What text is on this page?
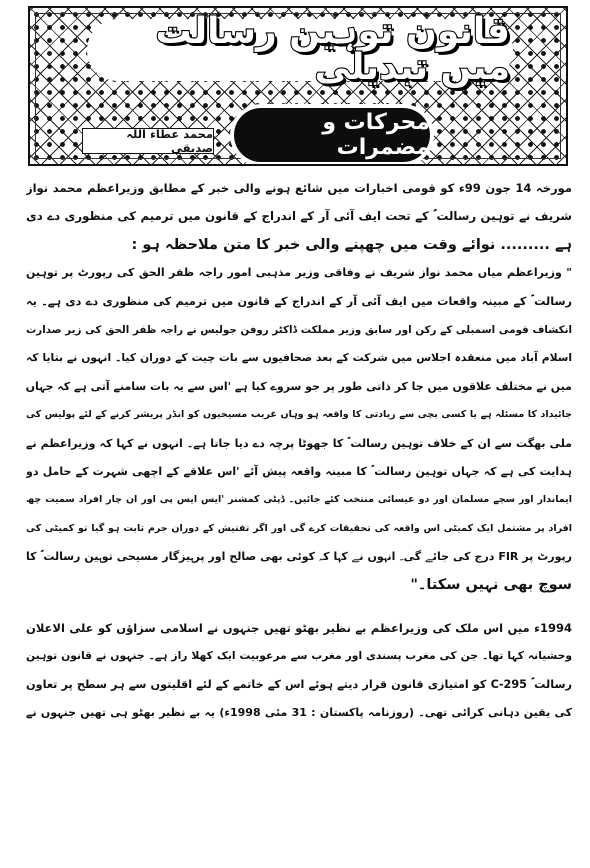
قانون توہین رسالت میں تبدیلی
محرکات و مضمرات
محمد عطاء اللہ صدیقی
مورخہ 14 جون 99ء کو قومی اخبارات میں شائع ہونے والی خبر کے مطابق وزیراعظم محمد نواز
شریف نے توہین رسالت ؐ کے تحت ایف آئی آر کے اندراج کے قانون میں ترمیم کی منظوری دے دی
ہے ......... نوائے وقت میں چھپنے والی خبر کا متن ملاحظہ ہو :
" وزیراعظم میاں محمد نواز شریف نے وفاقی وزیر مذہبی امور راجہ ظفر الحق کی رپورٹ پر توہین
رسالت ؐ کے مبینہ واقعات میں ایف آئی آر کے اندراج کے قانون میں ترمیم کی منظوری دے دی ہے۔ یہ
انکشاف قومی اسمبلی کے رکن اور سابق وزیر مملکت ڈاکٹر روفن جولیس نے راجہ ظفر الحق کی زیر صدارت
اسلام آباد میں منعقدہ اجلاس میں شرکت کے بعد صحافیوں سے بات چیت کے دوران کیا۔ انہوں نے بتایا کہ
میں نے مختلف علاقوں میں جا کر ذاتی طور پر جو سروے کیا ہے 'اس سے یہ بات سامنے آتی ہے کہ جہاں
جائیداد کا مسئلہ ہے یا کسی بچی سے زیادتی کا واقعہ ہو وہاں غریب مسیحیوں کو انڈر پریشر کرنے کے لئے پولیس کی
ملی بھگت سے ان کے خلاف توہین رسالت ؐ کا جھوٹا پرچہ دے دیا جاتا ہے۔ انہوں نے کہا کہ وزیراعظم نے
ہدایت کی ہے کہ جہاں توہین رسالت ؐ کا مبینہ واقعہ پیش آئے 'اس علاقے کے اچھی شہرت کے حامل دو
ایماندار اور سچے مسلمان اور دو عیسائی منتخب کئے جائیں۔ ڈپٹی کمشنر 'ایس ایس پی اور ان چار افراد سمیت چھ
افراد پر مشتمل ایک کمیٹی اس واقعہ کی تحقیقات کرے گی اور اگر تفتیش کے دوران جرم ثابت ہو گیا تو کمیٹی کی
رپورٹ پر FIR درج کی جائے گی۔ انہوں نے کہا کہ کوئی بھی صالح اور پرہیزگار مسیحی توہین رسالت ؐ کا
سوچ بھی نہیں سکتا۔"
1994ء میں اس ملک کی وزیراعظم بے نظیر بھٹو تھیں جنہوں نے اسلامی سزاؤں کو علی الاعلان
وحشیانہ کہا تھا۔ جن کی مغرب پسندی اور مغرب سے مرعوبیت ایک کھلا راز ہے۔ جنہوں نے قانون توہین
رسالت ؐ 295-C کو امتیازی قانون قرار دیتے ہوئے اس کے خاتمے کے لئے اقلیتوں سے ہر سطح پر تعاون
کی یقین دہانی کرائی تھی۔ (روزنامہ پاکستان : 31 مئی 1998ء) یہ بے نظیر بھٹو ہی تھیں جنہوں نے
